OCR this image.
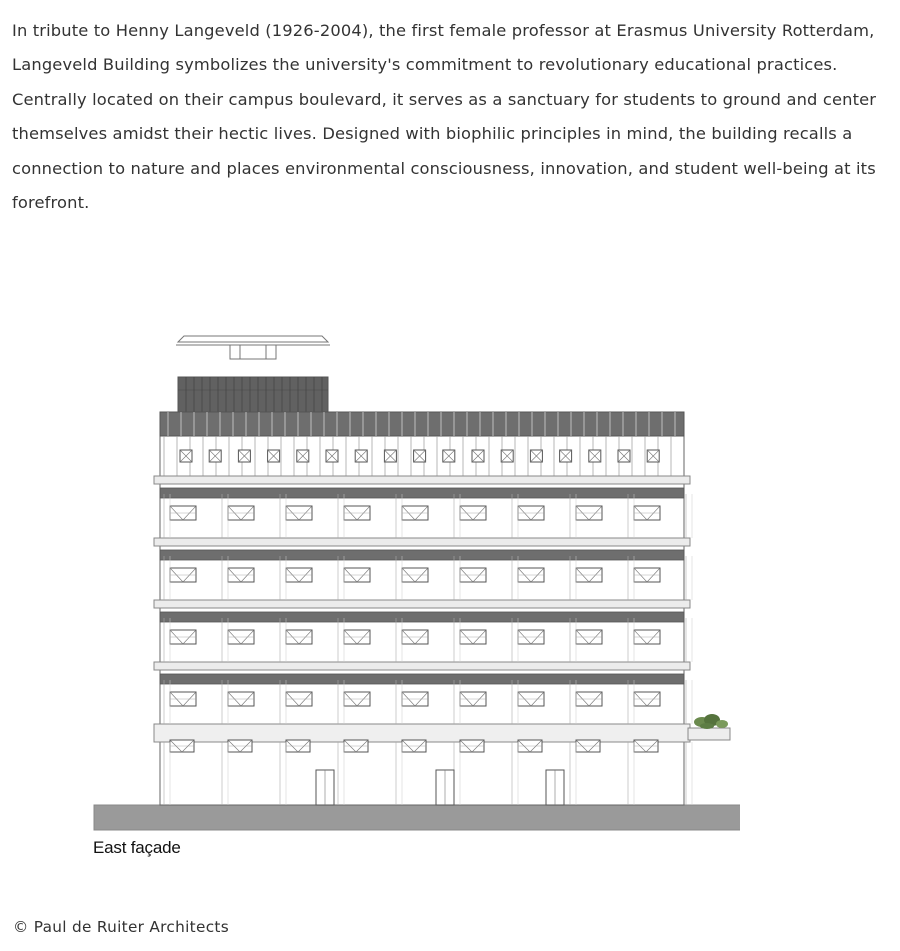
In tribute to Henny Langeveld (1926-2004), the first female professor at Erasmus University Rotterdam, Langeveld Building symbolizes the university's commitment to revolutionary educational practices. Centrally located on their campus boulevard, it serves as a sanctuary for students to ground and center themselves amidst their hectic lives. Designed with biophilic principles in mind, the building recalls a connection to nature and places environmental consciousness, innovation, and student well-being at its forefront.

East façade
© Paul de Ruiter Architects
